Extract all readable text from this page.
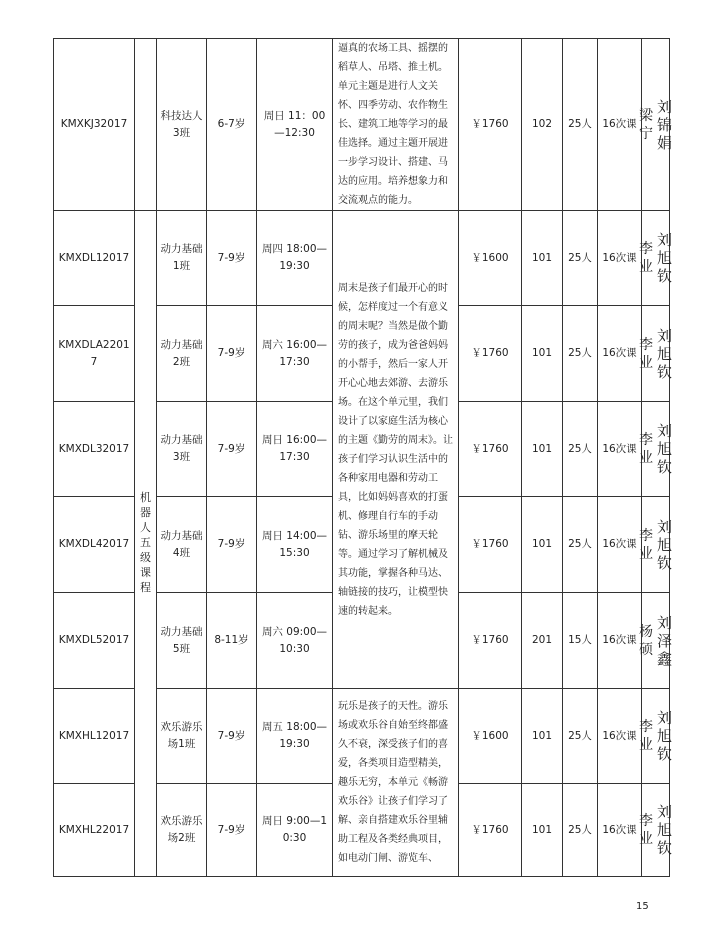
KMXKJ32017		科技达人3班	6-7岁	周日 11：00—12:30	逼真的农场工具、摇摆的稻草人、吊塔、推土机。单元主题是进行人文关怀、四季劳动、农作物生长、建筑工地等学习的最佳选择。通过主题开展进一步学习设计、搭建、马达的应用。培养想象力和交流观点的能力。	￥1760	102	25人	16次课	刘锦娟
梁宁

KMXDL12017	机器人五级课程	动力基础1班	7-9岁	周四 18:00—19:30	周末是孩子们最开心的时候，怎样度过一个有意义的周末呢？当然是做个勤劳的孩子，成为爸爸妈妈的小帮手，然后一家人开开心心地去郊游、去游乐场。在这个单元里，我们设计了以家庭生活为核心的主题《勤劳的周末》。让孩子们学习认识生活中的各种家用电器和劳动工具，比如妈妈喜欢的打蛋机、修理自行车的手动钻、游乐场里的摩天轮等。通过学习了解机械及其功能，掌握各种马达、轴链接的技巧，让模型快速的转起来。	￥1600	101	25人	16次课	刘旭钦
李业

KMXDLA22017		动力基础2班	7-9岁	周六 16:00—17:30		￥1760	101	25人	16次课	刘旭钦
李业

KMXDL32017		动力基础3班	7-9岁	周日 16:00—17:30		￥1760	101	25人	16次课	刘旭钦
李业

KMXDL42017		动力基础4班	7-9岁	周日 14:00—15:30		￥1760	101	25人	16次课	刘旭钦
李业

KMXDL52017		动力基础5班	8-11岁	周六 09:00—10:30		￥1760	201	15人	16次课	刘泽鑫
杨硕

KMXHL12017		欢乐游乐场1班	7-9岁	周五 18:00—19:30	玩乐是孩子的天性。游乐场或欢乐谷自始至终都盛久不衰，深受孩子们的喜爱，各类项目造型精美，趣乐无穷，本单元《畅游欢乐谷》让孩子们学习了解、亲自搭建欢乐谷里辅助工程及各类经典项目，如电动门闸、游览车、	￥1600	101	25人	16次课	刘旭钦
李业

KMXHL22017		欢乐游乐场2班	7-9岁	周日 9:00—10:30		￥1760	101	25人	16次课	刘旭钦
李业
15
